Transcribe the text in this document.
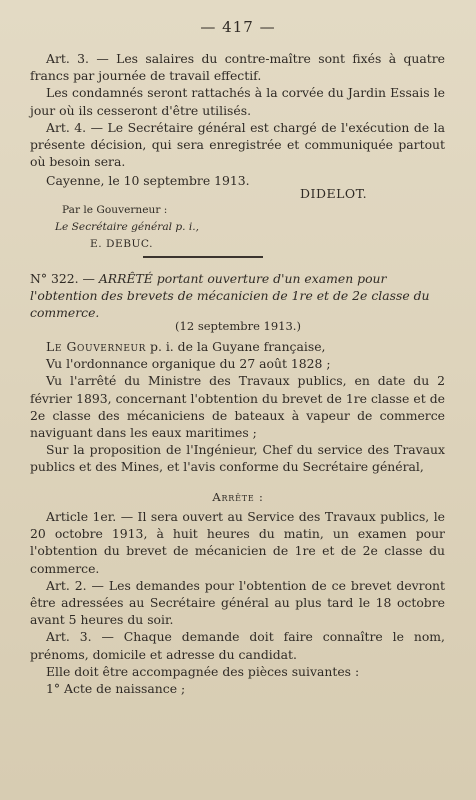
— 417 —

Art. 3. — Les salaires du contre-maître sont fixés à quatre francs par journée de travail effectif.

Les condamnés seront rattachés à la corvée du Jardin Essais le jour où ils cesseront d'être utilisés.

Art. 4. — Le Secrétaire général est chargé de l'exécution de la présente décision, qui sera enregistrée et communiquée partout où besoin sera.

Cayenne, le 10 septembre 1913.

DIDELOT.
Par le Gouverneur :
Le Secrétaire général p. i.,
E. DEBUC.
N° 322. — ARRÊTÉ portant ouverture d'un examen pour l'obtention des brevets de mécanicien de 1re et de 2e classe du commerce.
(12 septembre 1913.)

Le Gouverneur p. i. de la Guyane française,

Vu l'ordonnance organique du 27 août 1828 ;

Vu l'arrêté du Ministre des Travaux publics, en date du 2 février 1893, concernant l'obtention du brevet de 1re classe et de 2e classe des mécaniciens de bateaux à vapeur de commerce naviguant dans les eaux maritimes ;

Sur la proposition de l'Ingénieur, Chef du service des Travaux publics et des Mines, et l'avis conforme du Secrétaire général,

Arrête :

Article 1er. — Il sera ouvert au Service des Travaux publics, le 20 octobre 1913, à huit heures du matin, un examen pour l'obtention du brevet de mécanicien de 1re et de 2e classe du commerce.

Art. 2. — Les demandes pour l'obtention de ce brevet devront être adressées au Secrétaire général au plus tard le 18 octobre avant 5 heures du soir.

Art. 3. — Chaque demande doit faire connaître le nom, prénoms, domicile et adresse du candidat.

Elle doit être accompagnée des pièces suivantes :

1° Acte de naissance ;
